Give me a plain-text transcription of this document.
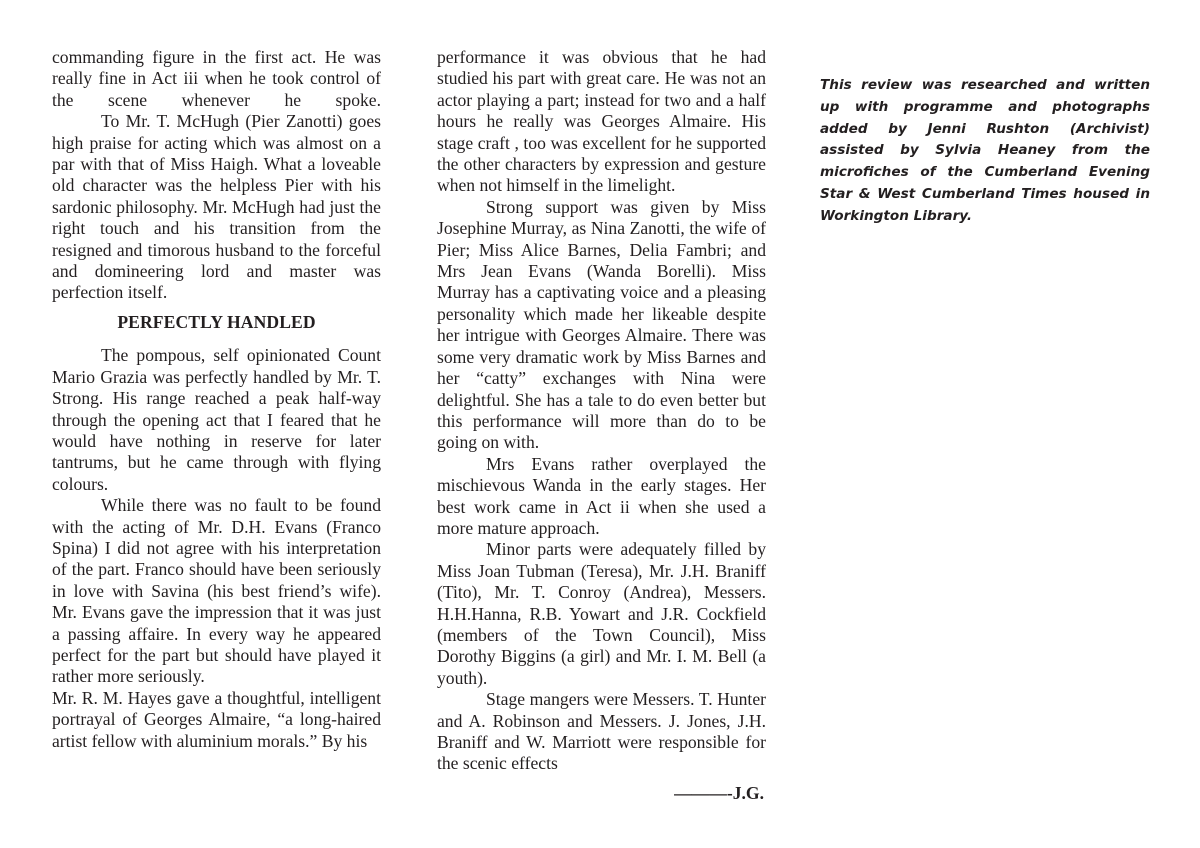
commanding figure in the first act. He was really fine in Act iii when he took control of the scene whenever he spoke.

To Mr. T. McHugh (Pier Zanotti) goes high praise for acting which was almost on a par with that of Miss Haigh. What a loveable old character was the helpless Pier with his sardonic philosophy. Mr. McHugh had just the right touch and his transition from the resigned and timorous husband to the forceful and domineering lord and master was perfection itself.

PERFECTLY HANDLED

The pompous, self opinionated Count Mario Grazia was perfectly handled by Mr. T. Strong. His range reached a peak half-way through the opening act that I feared that he would have nothing in reserve for later tantrums, but he came through with flying colours.

While there was no fault to be found with the acting of Mr. D.H. Evans (Franco Spina) I did not agree with his interpretation of the part. Franco should have been seriously in love with Savina (his best friend’s wife). Mr. Evans gave the impression that it was just a passing affaire. In every way he appeared perfect for the part but should have played it rather more seriously.

Mr. R. M. Hayes gave a thoughtful, intelligent portrayal of Georges Almaire, “a long-haired artist fellow with aluminium morals.” By his

performance it was obvious that he had studied his part with great care. He was not an actor playing a part; instead for two and a half hours he really was Georges Almaire. His stage craft , too was excellent for he supported the other characters by expression and gesture when not himself in the limelight.

Strong support was given by Miss Josephine Murray, as Nina Zanotti, the wife of Pier; Miss Alice Barnes, Delia Fambri; and Mrs Jean Evans (Wanda Borelli). Miss Murray has a captivating voice and a pleasing personality which made her likeable despite her intrigue with Georges Almaire. There was some very dramatic work by Miss Barnes and her “catty” exchanges with Nina were delightful. She has a tale to do even better but this performance will more than do to be going on with.

Mrs Evans rather overplayed the mischievous Wanda in the early stages. Her best work came in Act ii when she used a more mature approach.

Minor parts were adequately filled by Miss Joan Tubman (Teresa), Mr. J.H. Braniff (Tito), Mr. T. Conroy (Andrea), Messers. H.H.Hanna, R.B. Yowart and J.R. Cockfield (members of the Town Council), Miss Dorothy Biggins (a girl) and Mr. I. M. Bell (a youth).

Stage mangers were Messers. T. Hunter and A. Robinson and Messers. J. Jones, J.H. Braniff and W. Marriott were responsible for the scenic effects

———-J.G.
This review was researched and written up with programme and photographs added by Jenni Rushton (Archivist) assisted by Sylvia Heaney from the microfiches of the Cumberland Evening Star & West Cumberland Times housed in Workington Library.
